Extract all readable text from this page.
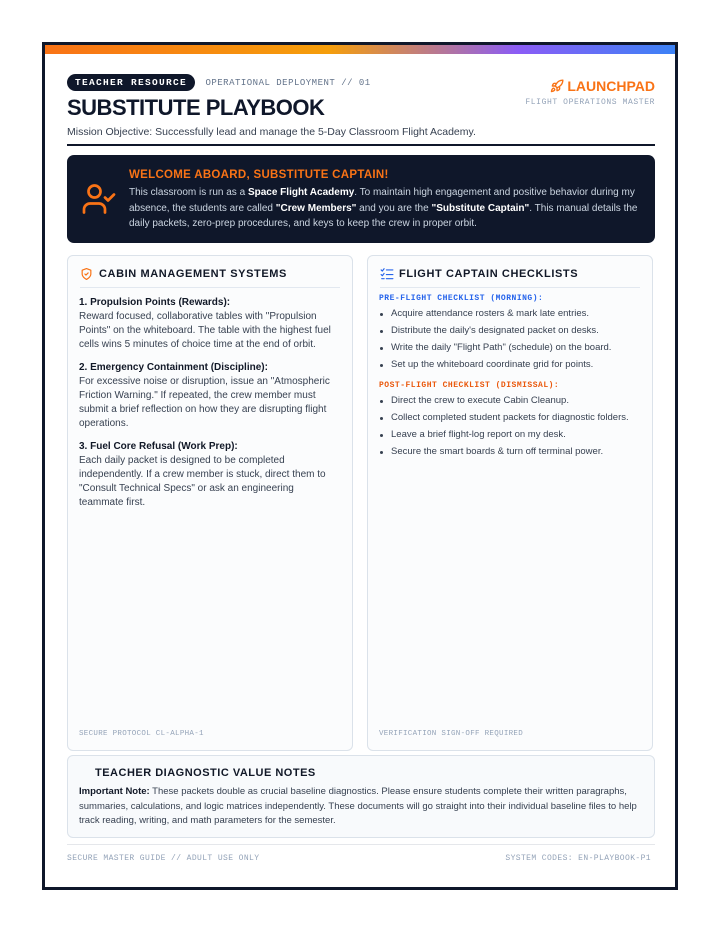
TEACHER RESOURCE OPERATIONAL DEPLOYMENT // 01
SUBSTITUTE PLAYBOOK
Mission Objective: Successfully lead and manage the 5-Day Classroom Flight Academy.
LAUNCHPAD
FLIGHT OPERATIONS MASTER
WELCOME ABOARD, SUBSTITUTE CAPTAIN!
This classroom is run as a Space Flight Academy. To maintain high engagement and positive behavior during my absence, the students are called "Crew Members" and you are the "Substitute Captain". This manual details the daily packets, zero-prep procedures, and keys to keep the crew in proper orbit.
CABIN MANAGEMENT SYSTEMS
1. Propulsion Points (Rewards):
Reward focused, collaborative tables with "Propulsion Points" on the whiteboard. The table with the highest fuel cells wins 5 minutes of choice time at the end of orbit.
2. Emergency Containment (Discipline):
For excessive noise or disruption, issue an "Atmospheric Friction Warning." If repeated, the crew member must submit a brief reflection on how they are disrupting flight operations.
3. Fuel Core Refusal (Work Prep):
Each daily packet is designed to be completed independently. If a crew member is stuck, direct them to "Consult Technical Specs" or ask an engineering teammate first.
SECURE PROTOCOL CL-ALPHA-1
FLIGHT CAPTAIN CHECKLISTS
PRE-FLIGHT CHECKLIST (MORNING):
Acquire attendance rosters & mark late entries.
Distribute the daily's designated packet on desks.
Write the daily "Flight Path" (schedule) on the board.
Set up the whiteboard coordinate grid for points.
POST-FLIGHT CHECKLIST (DISMISSAL):
Direct the crew to execute Cabin Cleanup.
Collect completed student packets for diagnostic folders.
Leave a brief flight-log report on my desk.
Secure the smart boards & turn off terminal power.
VERIFICATION SIGN-OFF REQUIRED
TEACHER DIAGNOSTIC VALUE NOTES
Important Note: These packets double as crucial baseline diagnostics. Please ensure students complete their written paragraphs, summaries, calculations, and logic matrices independently. These documents will go straight into their individual baseline files to help track reading, writing, and math parameters for the semester.
SECURE MASTER GUIDE // ADULT USE ONLY	SYSTEM CODES: EN-PLAYBOOK-P1
